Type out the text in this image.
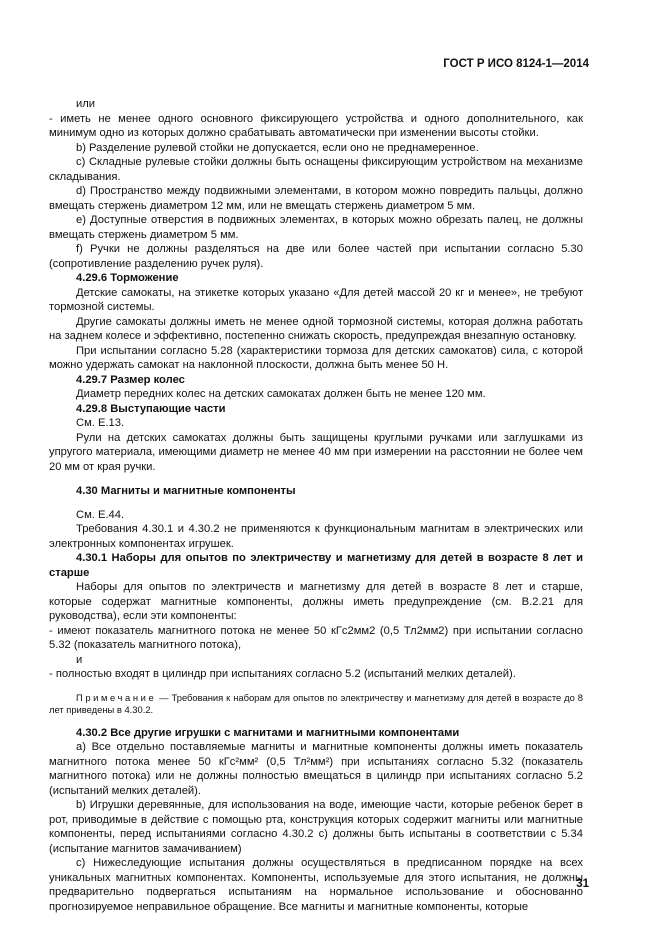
ГОСТ Р ИСО 8124-1—2014

или

- иметь не менее одного основного фиксирующего устройства и одного дополнительного, как минимум одно из которых должно срабатывать автоматически при изменении высоты стойки.

b) Разделение рулевой стойки не допускается, если оно не преднамеренное.

c) Складные рулевые стойки должны быть оснащены фиксирующим устройством на механизме складывания.

d) Пространство между подвижными элементами, в котором можно повредить пальцы, должно вмещать стержень диаметром 12 мм, или не вмещать стержень диаметром 5 мм.

e) Доступные отверстия в подвижных элементах, в которых можно обрезать палец, не должны вмещать стержень диаметром 5 мм.

f) Ручки не должны разделяться на две или более частей при испытании согласно 5.30 (сопротивление разделению ручек руля).

4.29.6 Торможение

Детские самокаты, на этикетке которых указано «Для детей массой 20 кг и менее», не требуют тормозной системы.

Другие самокаты должны иметь не менее одной тормозной системы, которая должна работать на заднем колесе и эффективно, постепенно снижать скорость, предупреждая внезапную остановку.

При испытании согласно 5.28 (характеристики тормоза для детских самокатов) сила, с которой можно удержать самокат на наклонной плоскости, должна быть менее 50 Н.

4.29.7 Размер колес

Диаметр передних колес на детских самокатах должен быть не менее 120 мм.

4.29.8 Выступающие части

См. Е.13.

Рули на детских самокатах должны быть защищены круглыми ручками или заглушками из упругого материала, имеющими диаметр не менее 40 мм при измерении на расстоянии не более чем 20 мм от края ручки.

4.30 Магниты и магнитные компоненты

См. Е.44.

Требования 4.30.1 и 4.30.2 не применяются к функциональным магнитам в электрических или электронных компонентах игрушек.

4.30.1 Наборы для опытов по электричеству и магнетизму для детей в возрасте 8 лет и старше

Наборы для опытов по электричеств и магнетизму для детей в возрасте 8 лет и старше, которые содержат магнитные компоненты, должны иметь предупреждение (см. В.2.21 для руководства), если эти компоненты:

- имеют показатель магнитного потока не менее 50 кГс2мм2 (0,5 Тл2мм2) при испытании согласно 5.32 (показатель магнитного потока),

и

- полностью входят в цилиндр при испытаниях согласно 5.2 (испытаний мелких деталей).

Примечание — Требования к наборам для опытов по электричеству и магнетизму для детей в возрасте до 8 лет приведены в 4.30.2.

4.30.2 Все другие игрушки с магнитами и магнитными компонентами

a) Все отдельно поставляемые магниты и магнитные компоненты должны иметь показатель магнитного потока менее 50 кГс²мм² (0,5 Тл²мм²) при испытаниях согласно 5.32 (показатель магнитного потока) или не должны полностью вмещаться в цилиндр при испытаниях согласно 5.2 (испытаний мелких деталей).

b) Игрушки деревянные, для использования на воде, имеющие части, которые ребенок берет в рот, приводимые в действие с помощью рта, конструкция которых содержит магниты или магнитные компоненты, перед испытаниями согласно 4.30.2 с) должны быть испытаны в соответствии с 5.34 (испытание магнитов замачиванием)

c) Нижеследующие испытания должны осуществляться в предписанном порядке на всех уникальных магнитных компонентах. Компоненты, используемые для этого испытания, не должны предварительно подвергаться испытаниям на нормальное использование и обоснованно прогнозируемое неправильное обращение. Все магниты и магнитные компоненты, которые

31
